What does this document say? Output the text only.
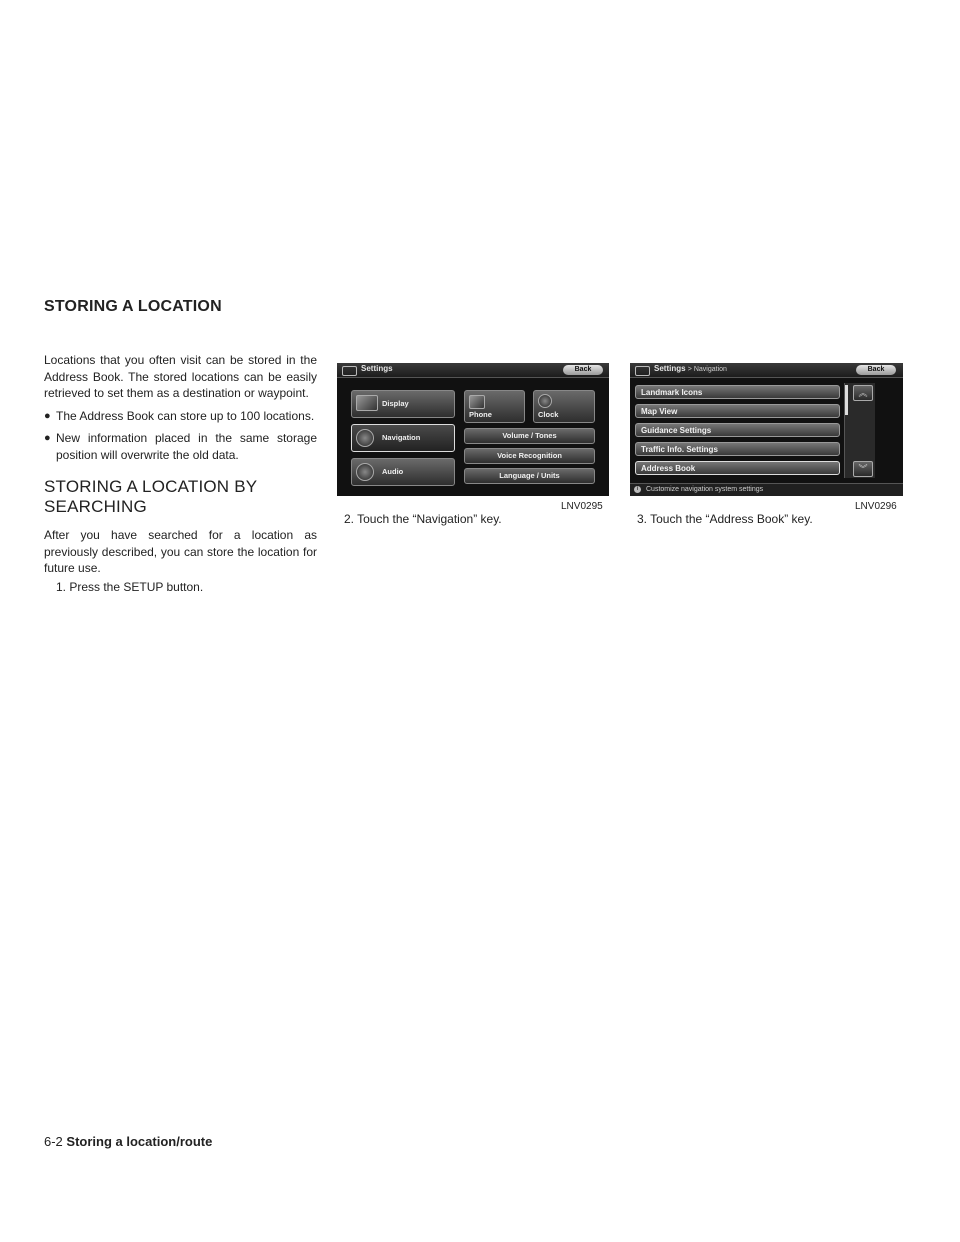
STORING A LOCATION

Locations that you often visit can be stored in the Address Book. The stored locations can be easily retrieved to set them as a destination or waypoint.

● The Address Book can store up to 100 locations.
● New information placed in the same storage position will overwrite the old data.
STORING A LOCATION BY SEARCHING

After you have searched for a location as previously described, you can store the location for future use.

1. Press the SETUP button.
Settings	Back
Display
Navigation
Audio
Phone	Clock
Volume / Tones
Voice Recognition
Language / Units
LNV0295
2. Touch the “Navigation” key.
Settings > Navigation	Back
Landmark Icons
Map View
Guidance Settings
Traffic Info. Settings
Address Book
︽
︾
i	Customize navigation system settings
LNV0296
3. Touch the “Address Book” key.
6-2 Storing a location/route
